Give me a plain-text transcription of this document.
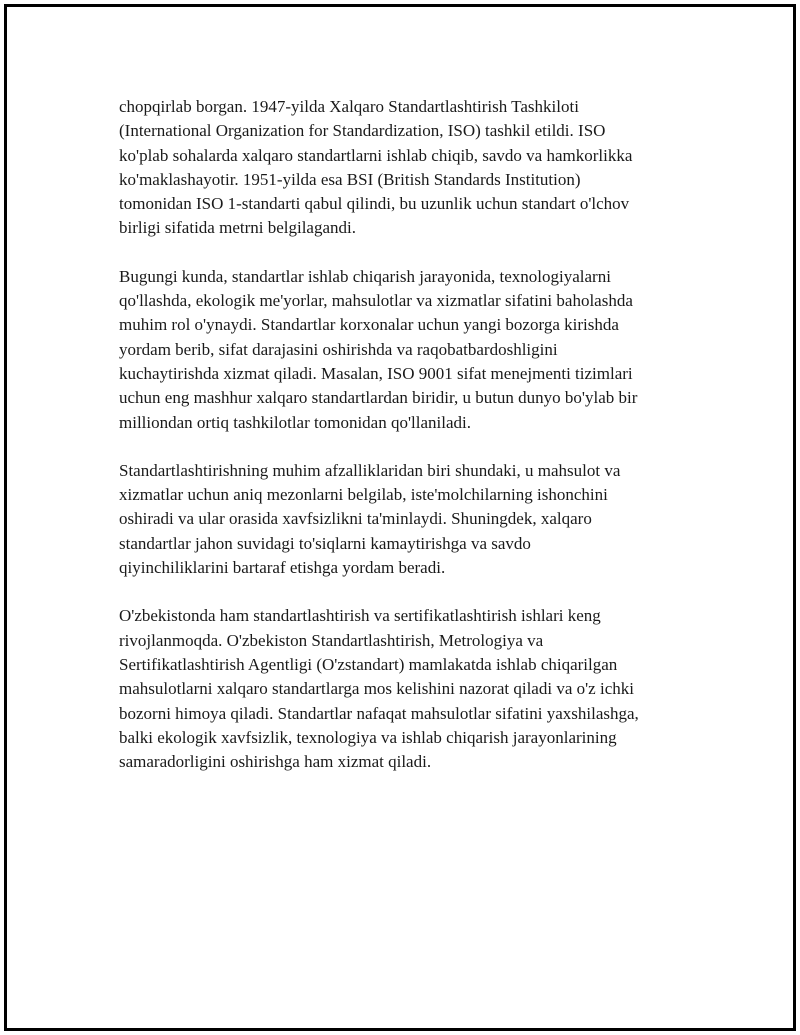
chopqirlab borgan. 1947-yilda Xalqaro Standartlashtirish Tashkiloti
(International Organization for Standardization, ISO) tashkil etildi. ISO
ko'plab sohalarda xalqaro standartlarni ishlab chiqib, savdo va hamkorlikka
ko'maklashayotir. 1951-yilda esa BSI (British Standards Institution)
tomonidan ISO 1-standarti qabul qilindi, bu uzunlik uchun standart o'lchov
birligi sifatida metrni belgilagandi.

Bugungi kunda, standartlar ishlab chiqarish jarayonida, texnologiyalarni
qo'llashda, ekologik me'yorlar, mahsulotlar va xizmatlar sifatini baholashda
muhim rol o'ynaydi. Standartlar korxonalar uchun yangi bozorga kirishda
yordam berib, sifat darajasini oshirishda va raqobatbardoshligini
kuchaytirishda xizmat qiladi. Masalan, ISO 9001 sifat menejmenti tizimlari
uchun eng mashhur xalqaro standartlardan biridir, u butun dunyo bo'ylab bir
milliondan ortiq tashkilotlar tomonidan qo'llaniladi.

Standartlashtirishning muhim afzalliklaridan biri shundaki, u mahsulot va
xizmatlar uchun aniq mezonlarni belgilab, iste'molchilarning ishonchini
oshiradi va ular orasida xavfsizlikni ta'minlaydi. Shuningdek, xalqaro
standartlar jahon suvidagi to'siqlarni kamaytirishga va savdo
qiyinchiliklarini bartaraf etishga yordam beradi.

O'zbekistonda ham standartlashtirish va sertifikatlashtirish ishlari keng
rivojlanmoqda. O'zbekiston Standartlashtirish, Metrologiya va
Sertifikatlashtirish Agentligi (O'zstandart) mamlakatda ishlab chiqarilgan
mahsulotlarni xalqaro standartlarga mos kelishini nazorat qiladi va o'z ichki
bozorni himoya qiladi. Standartlar nafaqat mahsulotlar sifatini yaxshilashga,
balki ekologik xavfsizlik, texnologiya va ishlab chiqarish jarayonlarining
samaradorligini oshirishga ham xizmat qiladi.
